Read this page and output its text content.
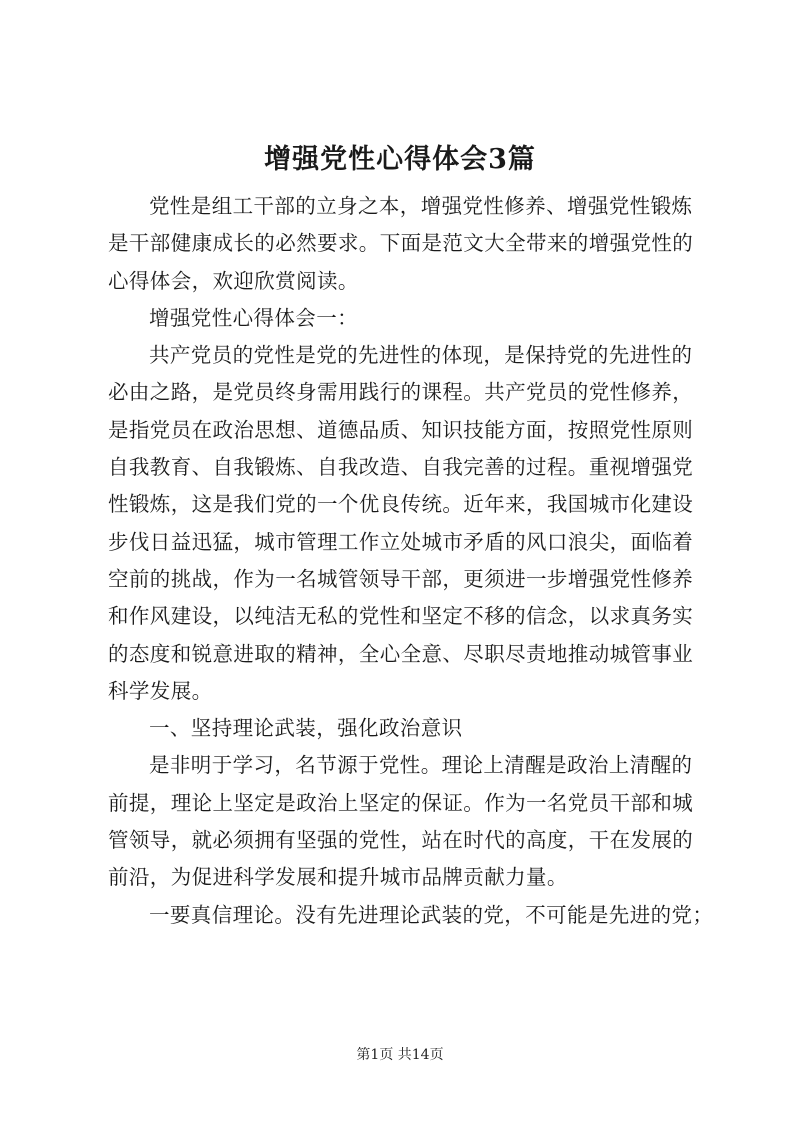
增强党性心得体会3篇
党性是组工干部的立身之本，增强党性修养、增强党性锻炼
是干部健康成长的必然要求。下面是范文大全带来的增强党性的
心得体会，欢迎欣赏阅读。
增强党性心得体会一：
共产党员的党性是党的先进性的体现，是保持党的先进性的
必由之路，是党员终身需用践行的课程。共产党员的党性修养，
是指党员在政治思想、道德品质、知识技能方面，按照党性原则
自我教育、自我锻炼、自我改造、自我完善的过程。重视增强党
性锻炼，这是我们党的一个优良传统。近年来，我国城市化建设
步伐日益迅猛，城市管理工作立处城市矛盾的风口浪尖，面临着
空前的挑战，作为一名城管领导干部，更须进一步增强党性修养
和作风建设，以纯洁无私的党性和坚定不移的信念，以求真务实
的态度和锐意进取的精神，全心全意、尽职尽责地推动城管事业
科学发展。
一、坚持理论武装，强化政治意识
是非明于学习，名节源于党性。理论上清醒是政治上清醒的
前提，理论上坚定是政治上坚定的保证。作为一名党员干部和城
管领导，就必须拥有坚强的党性，站在时代的高度，干在发展的
前沿，为促进科学发展和提升城市品牌贡献力量。
一要真信理论。没有先进理论武装的党，不可能是先进的党；
第1页 共14页
